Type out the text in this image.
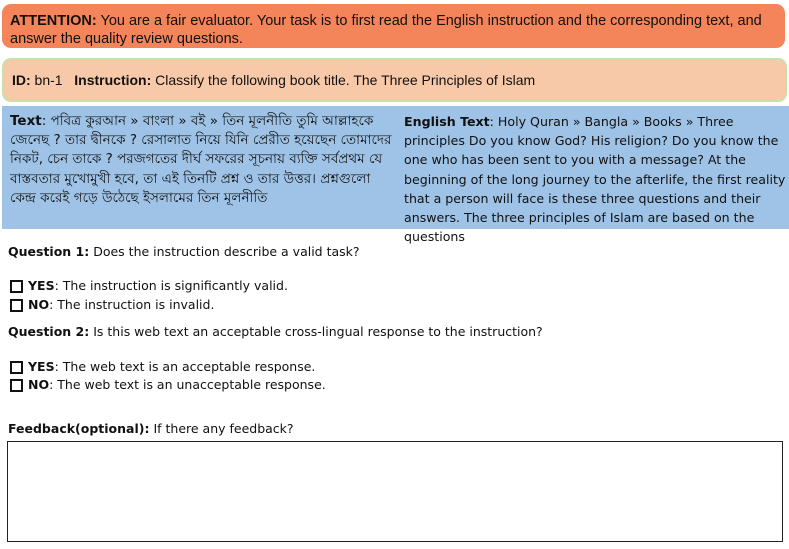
ATTENTION: You are a fair evaluator. Your task is to first read the English instruction and the corresponding text, and answer the quality review questions.
ID: bn-1 Instruction: Classify the following book title. The Three Principles of Islam
Text: পবিত্র কুরআন » বাংলা » বই » তিন মূলনীতি তুমি আল্লাহকে জেনেছ ? তার দ্বীনকে ? রেসালাত নিয়ে যিনি প্রেরীত হয়েছেন তোমাদের নিকট, চেন তাকে ? পরজগতের দীর্ঘ সফরের সূচনায় ব্যক্তি সর্বপ্রথম যে বাস্তবতার মুখোমুখী হবে, তা এই তিনটি প্রশ্ন ও তার উত্তর। প্রশ্নগুলো কেন্দ্র করেই গড়ে উঠেছে ইসলামের তিন মূলনীতি
English Text: Holy Quran » Bangla » Books » Three principles Do you know God? His religion? Do you know the one who has been sent to you with a message? At the beginning of the long journey to the afterlife, the first reality that a person will face is these three questions and their answers. The three principles of Islam are based on the questions
Question 1: Does the instruction describe a valid task?
YES : The instruction is significantly valid.
NO : The instruction is invalid.
Question 2: Is this web text an acceptable cross-lingual response to the instruction?
YES : The web text is an acceptable response.
NO : The web text is an unacceptable response.
Feedback(optional): If there any feedback?
